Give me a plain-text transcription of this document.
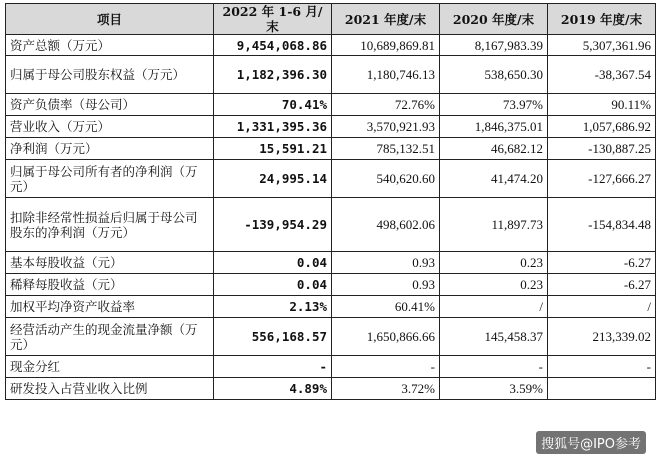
项目	2022 年 1-6 月/末	2021 年度/末	2020 年度/末	2019 年度/末
资产总额（万元）	9,454,068.86	10,689,869.81	8,167,983.39	5,307,361.96
归属于母公司股东权益（万元）	1,182,396.30	1,180,746.13	538,650.30	-38,367.54
资产负债率（母公司）	70.41%	72.76%	73.97%	90.11%
营业收入（万元）	1,331,395.36	3,570,921.93	1,846,375.01	1,057,686.92
净利润（万元）	15,591.21	785,132.51	46,682.12	-130,887.25
归属于母公司所有者的净利润（万元）	24,995.14	540,620.60	41,474.20	-127,666.27
扣除非经常性损益后归属于母公司股东的净利润（万元）	-139,954.29	498,602.06	11,897.73	-154,834.48
基本每股收益（元）	0.04	0.93	0.23	-6.27
稀释每股收益（元）	0.04	0.93	0.23	-6.27
加权平均净资产收益率	2.13%	60.41%	/	/
经营活动产生的现金流量净额（万元）	556,168.57	1,650,866.66	145,458.37	213,339.02
现金分红	-	-	-	-
研发投入占营业收入比例	4.89%	3.72%	3.59%	
搜狐号@IPO参考
